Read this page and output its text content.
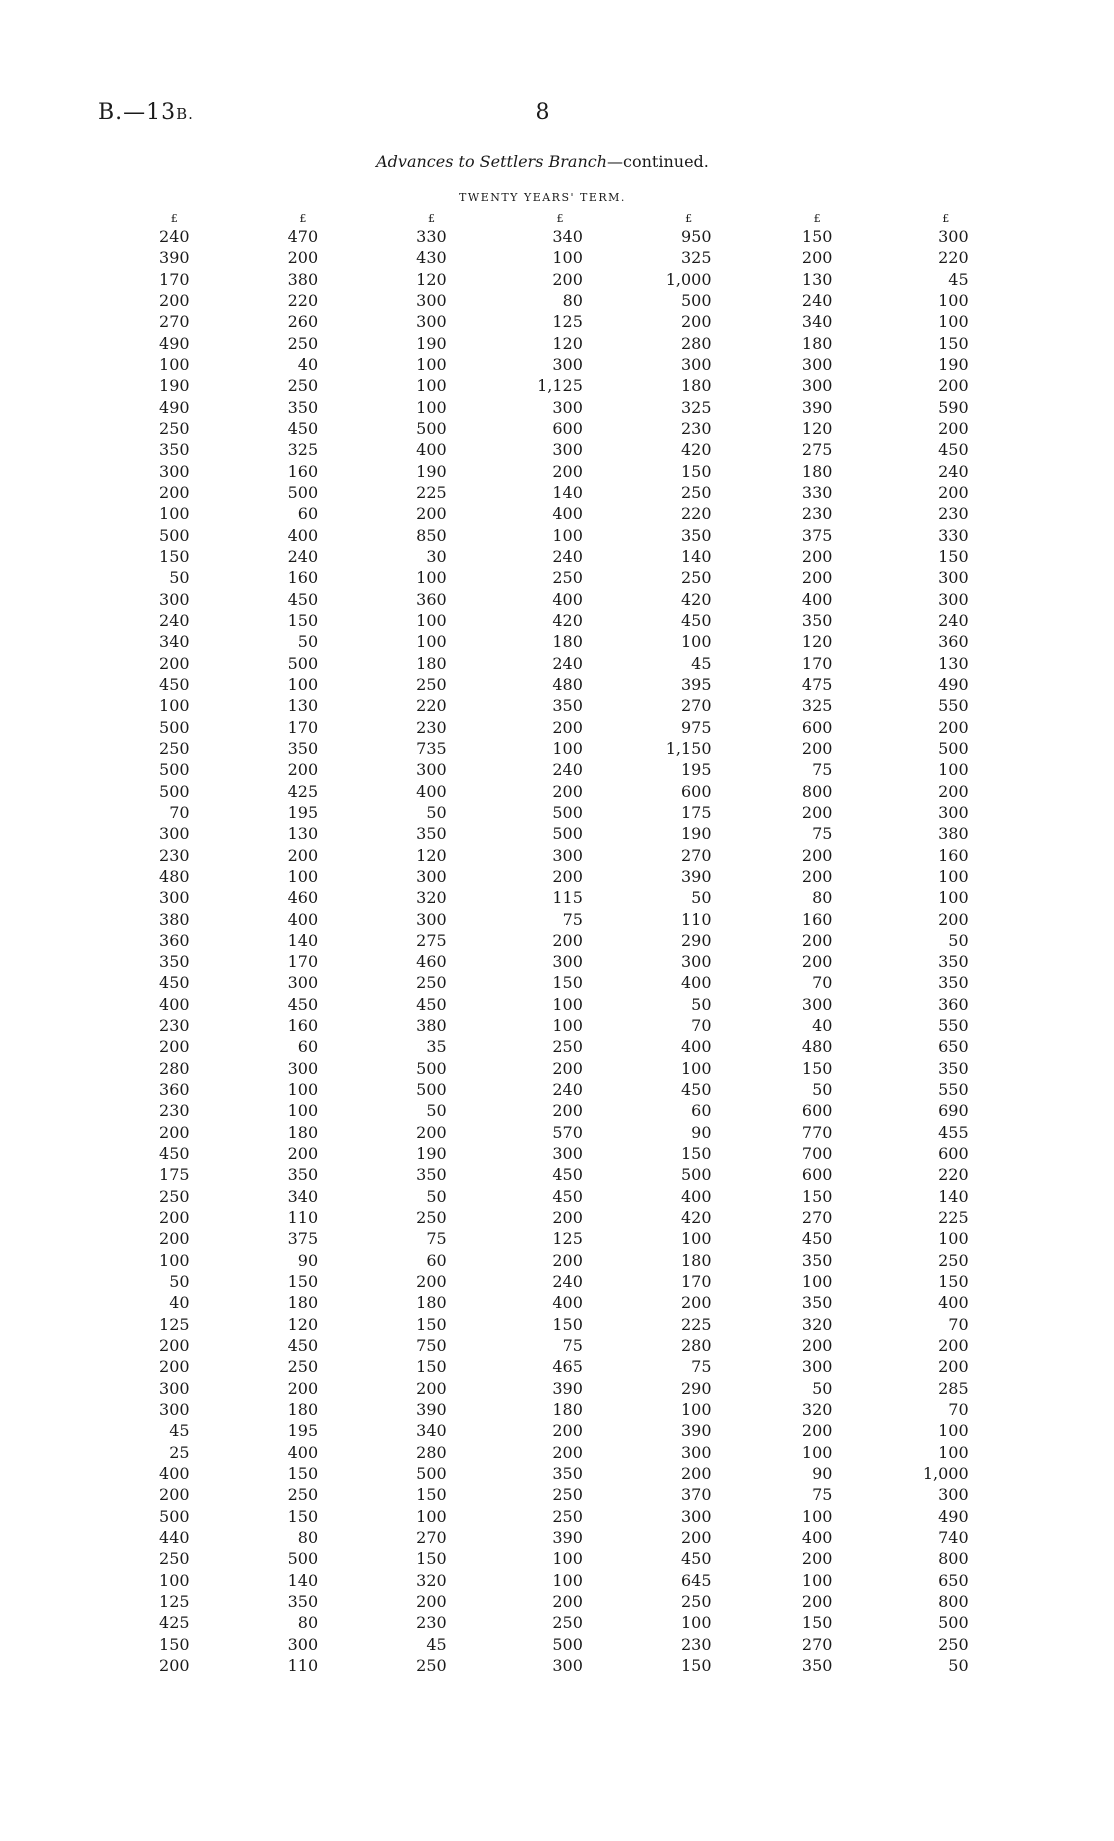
B.—13B.	8
Advances to Settlers Branch—continued.
TWENTY YEARS' TERM.
£
240
390
170
200
270
490
100
190
490
250
350
300
200
100
500
150
50
300
240
340
200
450
100
500
250
500
500
70
300
230
480
300
380
360
350
450
400
230
200
280
360
230
200
450
175
250
200
200
100
50
40
125
200
200
300
300
45
25
400
200
500
440
250
100
125
425
150
200
£
470
200
380
220
260
250
40
250
350
450
325
160
500
60
400
240
160
450
150
50
500
100
130
170
350
200
425
195
130
200
100
460
400
140
170
300
450
160
60
300
100
100
180
200
350
340
110
375
90
150
180
120
450
250
200
180
195
400
150
250
150
80
500
140
350
80
300
110
£
330
430
120
300
300
190
100
100
100
500
400
190
225
200
850
30
100
360
100
100
180
250
220
230
735
300
400
50
350
120
300
320
300
275
460
250
450
380
35
500
500
50
200
190
350
50
250
75
60
200
180
150
750
150
200
390
340
280
500
150
100
270
150
320
200
230
45
250
£
340
100
200
80
125
120
300
1,125
300
600
300
200
140
400
100
240
250
400
420
180
240
480
350
200
100
240
200
500
500
300
200
115
75
200
300
150
100
100
250
200
240
200
570
300
450
450
200
125
200
240
400
150
75
465
390
180
200
200
350
250
250
390
100
100
200
250
500
300
£
950
325
1,000
500
200
280
300
180
325
230
420
150
250
220
350
140
250
420
450
100
45
395
270
975
1,150
195
600
175
190
270
390
50
110
290
300
400
50
70
400
100
450
60
90
150
500
400
420
100
180
170
200
225
280
75
290
100
390
300
200
370
300
200
450
645
250
100
230
150
£
150
200
130
240
340
180
300
300
390
120
275
180
330
230
375
200
200
400
350
120
170
475
325
600
200
75
800
200
75
200
200
80
160
200
200
70
300
40
480
150
50
600
770
700
600
150
270
450
350
100
350
320
200
300
50
320
200
100
90
75
100
400
200
100
200
150
270
350
£
300
220
45
100
100
150
190
200
590
200
450
240
200
230
330
150
300
300
240
360
130
490
550
200
500
100
200
300
380
160
100
100
200
50
350
350
360
550
650
350
550
690
455
600
220
140
225
100
250
150
400
70
200
200
285
70
100
100
1,000
300
490
740
800
650
800
500
250
50
